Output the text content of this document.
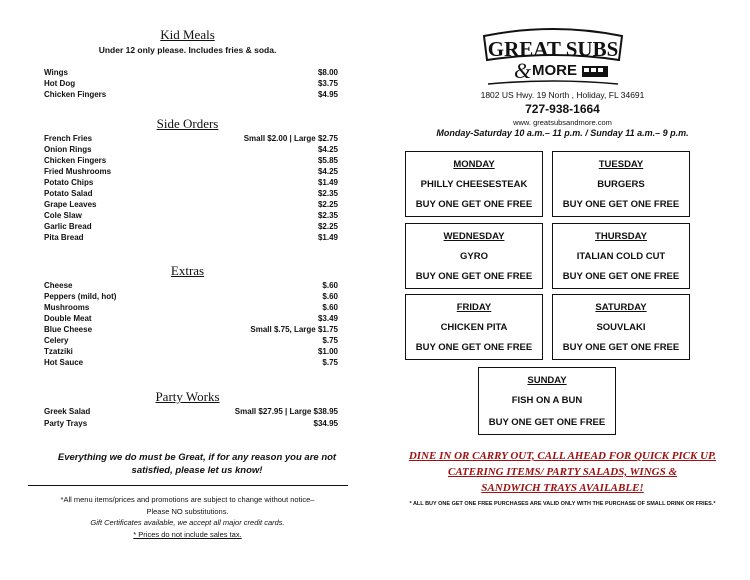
Kid Meals
Under 12 only please. Includes fries & soda.
Wings	$8.00
Hot Dog	$3.75
Chicken Fingers	$4.95
Side Orders
French Fries	Small $2.00 | Large $2.75
Onion Rings	$4.25
Chicken Fingers	$5.85
Fried Mushrooms	$4.25
Potato Chips	$1.49
Potato Salad	$2.35
Grape Leaves	$2.25
Cole Slaw	$2.35
Garlic Bread	$2.25
Pita Bread	$1.49
Extras
Cheese	$.60
Peppers (mild, hot)	$.60
Mushrooms	$.60
Double Meat	$3.49
Blue Cheese	Small $.75, Large $1.75
Celery	$.75
Tzatziki	$1.00
Hot Sauce	$.75
Party Works
Greek Salad	Small $27.95 | Large $38.95
Party Trays	$34.95
Everything we do must be Great, if for any reason you are not satisfied, please let us know!
*All menu items/prices and promotions are subject to change without notice–
Please NO substitutions.
Gift Certificates available, we accept all major credit cards.
* Prices do not include sales tax.
GREAT SUBS
& MORE
1802 US Hwy. 19 North , Holiday, FL 34691
727-938-1664
www. greatsubsandmore.com
Monday-Saturday 10 a.m.– 11 p.m. / Sunday 11 a.m.– 9 p.m.
MONDAY
PHILLY CHEESESTEAK
BUY ONE GET ONE FREE
TUESDAY
BURGERS
BUY ONE GET ONE FREE
WEDNESDAY
GYRO
BUY ONE GET ONE FREE
THURSDAY
ITALIAN COLD CUT
BUY ONE GET ONE FREE
FRIDAY
CHICKEN PITA
BUY ONE GET ONE FREE
SATURDAY
SOUVLAKI
BUY ONE GET ONE FREE
SUNDAY
FISH ON A BUN
BUY ONE GET ONE FREE
DINE IN OR CARRY OUT, CALL AHEAD FOR QUICK PICK UP.
CATERING ITEMS/ PARTY SALADS, WINGS &
SANDWICH TRAYS AVAILABLE!
* ALL BUY ONE GET ONE FREE PURCHASES ARE VALID ONLY WITH THE PURCHASE OF SMALL DRINK OR FRIES.*
